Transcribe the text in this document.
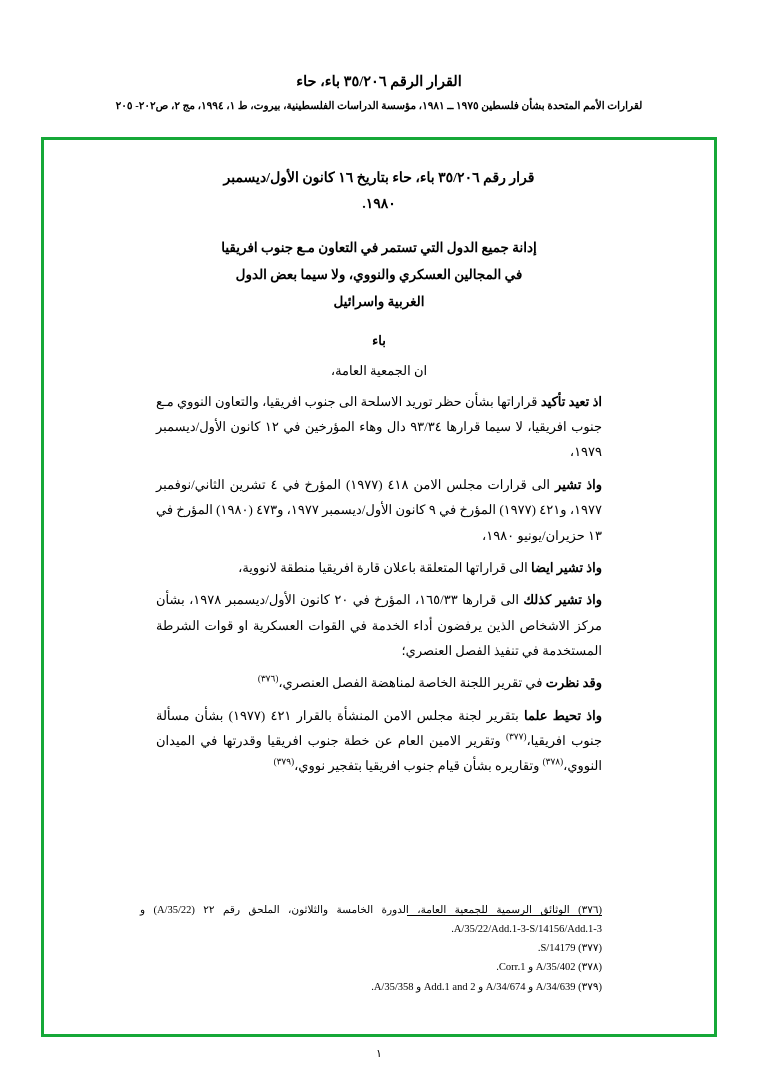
القرار الرقم ٣٥/٢٠٦ باء، حاء
لقرارات الأمم المتحدة بشأن فلسطين ١٩٧٥ ــ ١٩٨١، مؤسسة الدراسات الفلسطينية، بيروت، ط ١، ١٩٩٤، مج ٢، ص٢٠٢- ٢٠٥
قرار رقم ٣٥/٢٠٦ باء، حاء بتاريخ ١٦ كانون الأول/ديسمبر
١٩٨٠.
إدانة جميع الدول التي تستمر في التعاون مـع جنوب افريقيا
في المجالين العسكري والنووي، ولا سيما بعض الدول
الغربية واسرائيل
باء
ان الجمعية العامة،

اذ تعيد تأكيد قراراتها بشأن حظر توريد الاسلحة الى جنوب افريقيا، والتعاون النووي مـع جنوب افريقيا، لا سيما قرارها ٩٣/٣٤ دال وهاء المؤرخين في ١٢ كانون الأول/ديسمبر ١٩٧٩،

واذ تشير الى قرارات مجلس الامن ٤١٨ (١٩٧٧) المؤرخ في ٤ تشرين الثاني/نوفمبر ١٩٧٧، و٤٢١ (١٩٧٧) المؤرخ في ٩ كانون الأول/ديسمبر ١٩٧٧، و٤٧٣ (١٩٨٠) المؤرخ في ١٣ حزيران/يونيو ١٩٨٠،

واذ تشير ايضا الى قراراتها المتعلقة باعلان قارة افريقيا منطقة لانووية،

واذ تشير كذلك الى قرارها ١٦٥/٣٣، المؤرخ في ٢٠ كانون الأول/ديسمبر ١٩٧٨، بشأن مركز الاشخاص الذين يرفضون أداء الخدمة في القوات العسكرية او قوات الشرطة المستخدمة في تنفيذ الفصل العنصري؛

وقد نظرت في تقرير اللجنة الخاصة لمناهضة الفصل العنصري،$^{(٣٧٦)}$

واذ تحيط علما بتقرير لجنة مجلس الامن المنشأة بالقرار ٤٢١ (١٩٧٧) بشأن مسألة جنوب افريقيا،$^{(٣٧٧)}$ وتقرير الامين العام عن خطة جنوب افريقيا وقدرتها في الميدان النووي،$^{(٣٧٨)}$ وتقاريره بشأن قيام جنوب افريقيا بتفجير نووي،$^{(٣٧٩)}$

(٣٧٦) الوثائق الرسمية للجمعية العامة، الدورة الخامسة والثلاثون، الملحق رقم ٢٢ (A/35/22) و A/35/22/Add.1-3-S/14156/Add.1-3.
(٣٧٧) S/14179.
(٣٧٨) A/35/402 و Corr.1.
(٣٧٩) A/34/639 و A/34/674 و Add.1 and 2 و A/35/358.
١
